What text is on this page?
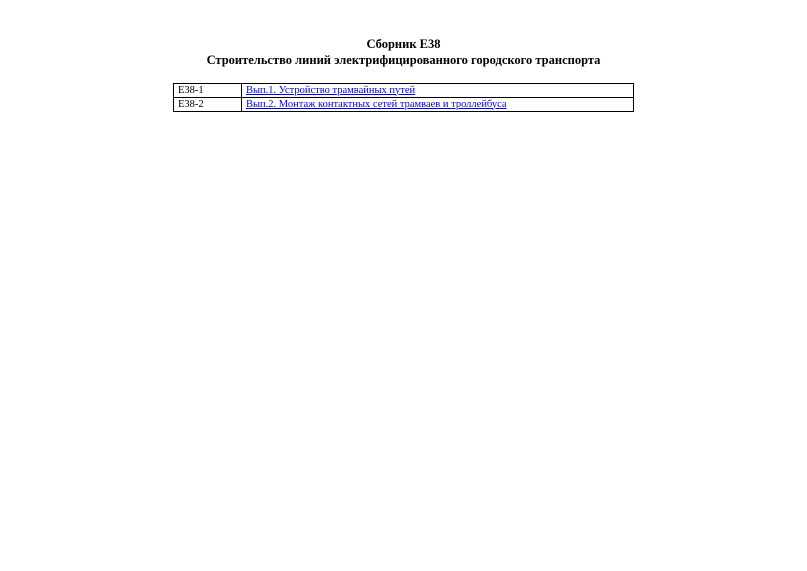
Сборник Е38
Строительство линий электрифицированного городского транспорта
Е38-1	Вып.1. Устройство трамвайных путей
Е38-2	Вып.2. Монтаж контактных сетей трамваев и троллейбуса
